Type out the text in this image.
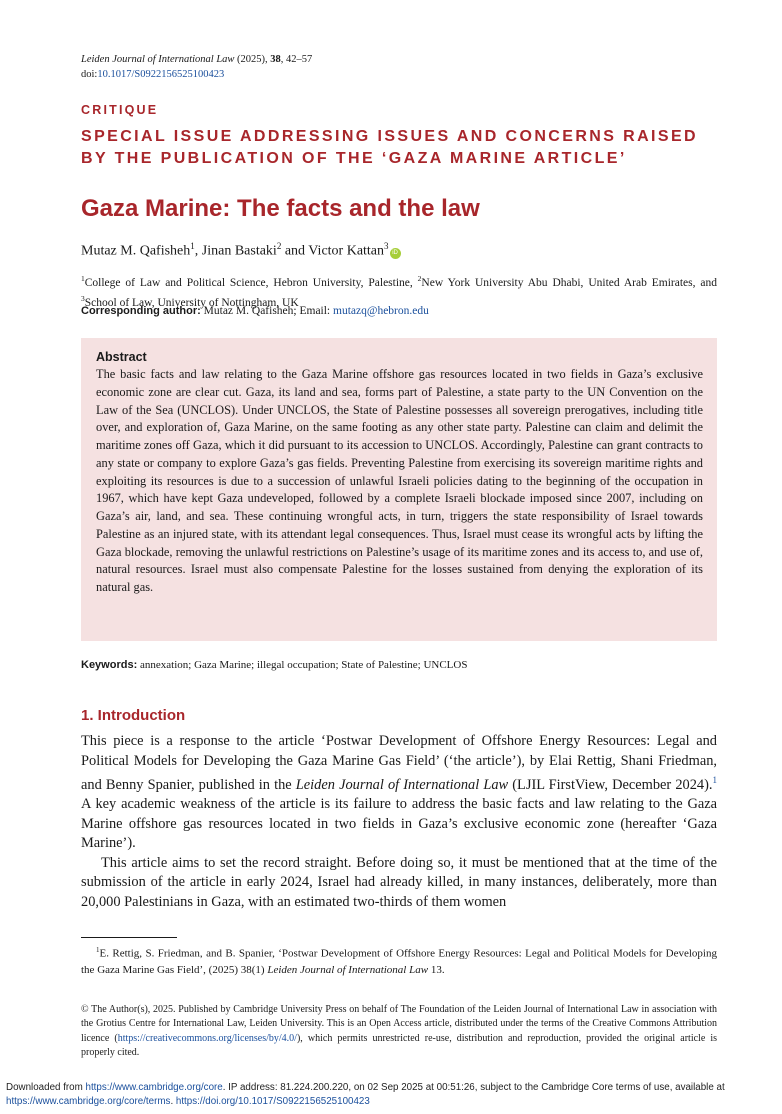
Leiden Journal of International Law (2025), 38, 42–57
doi:10.1017/S0922156525100423
CRITIQUE
SPECIAL ISSUE ADDRESSING ISSUES AND CONCERNS RAISED BY THE PUBLICATION OF THE ‘GAZA MARINE ARTICLE’
Gaza Marine: The facts and the law
Mutaz M. Qafisheh$^1$, Jinan Bastaki$^2$ and Victor Kattan$^3$iD
$^1$College of Law and Political Science, Hebron University, Palestine, $^2$New York University Abu Dhabi, United Arab Emirates, and $^3$School of Law, University of Nottingham, UK
Corresponding author: Mutaz M. Qafisheh; Email: mutazq@hebron.edu
Abstract
The basic facts and law relating to the Gaza Marine offshore gas resources located in two fields in Gaza’s exclusive economic zone are clear cut. Gaza, its land and sea, forms part of Palestine, a state party to the UN Convention on the Law of the Sea (UNCLOS). Under UNCLOS, the State of Palestine possesses all sovereign prerogatives, including title over, and exploration of, Gaza Marine, on the same footing as any other state party. Palestine can claim and delimit the maritime zones off Gaza, which it did pursuant to its accession to UNCLOS. Accordingly, Palestine can grant contracts to any state or company to explore Gaza’s gas fields. Preventing Palestine from exercising its sovereign maritime rights and exploiting its resources is due to a succession of unlawful Israeli policies dating to the beginning of the occupation in 1967, which have kept Gaza undeveloped, followed by a complete Israeli blockade imposed since 2007, including on Gaza’s air, land, and sea. These continuing wrongful acts, in turn, triggers the state responsibility of Israel towards Palestine as an injured state, with its attendant legal consequences. Thus, Israel must cease its wrongful acts by lifting the Gaza blockade, removing the unlawful restrictions on Palestine’s usage of its maritime zones and its access to, and use of, natural resources. Israel must also compensate Palestine for the losses sustained from denying the exploration of its natural gas.
Keywords: annexation; Gaza Marine; illegal occupation; State of Palestine; UNCLOS
1. Introduction

This piece is a response to the article ‘Postwar Development of Offshore Energy Resources: Legal and Political Models for Developing the Gaza Marine Gas Field’ (‘the article’), by Elai Rettig, Shani Friedman, and Benny Spanier, published in the Leiden Journal of International Law (LJIL FirstView, December 2024).$^1$ A key academic weakness of the article is its failure to address the basic facts and law relating to the Gaza Marine offshore gas resources located in two fields in Gaza’s exclusive economic zone (hereafter ‘Gaza Marine’).

This article aims to set the record straight. Before doing so, it must be mentioned that at the time of the submission of the article in early 2024, Israel had already killed, in many instances, deliberately, more than 20,000 Palestinians in Gaza, with an estimated two-thirds of them women

$^1$E. Rettig, S. Friedman, and B. Spanier, ‘Postwar Development of Offshore Energy Resources: Legal and Political Models for Developing the Gaza Marine Gas Field’, (2025) 38(1) Leiden Journal of International Law 13.
© The Author(s), 2025. Published by Cambridge University Press on behalf of The Foundation of the Leiden Journal of International Law in association with the Grotius Centre for International Law, Leiden University. This is an Open Access article, distributed under the terms of the Creative Commons Attribution licence (https://creativecommons.org/licenses/by/4.0/), which permits unrestricted re-use, distribution and reproduction, provided the original article is properly cited.
Downloaded from https://www.cambridge.org/core. IP address: 81.224.200.220, on 02 Sep 2025 at 00:51:26, subject to the Cambridge Core terms of use, available at https://www.cambridge.org/core/terms. https://doi.org/10.1017/S0922156525100423
